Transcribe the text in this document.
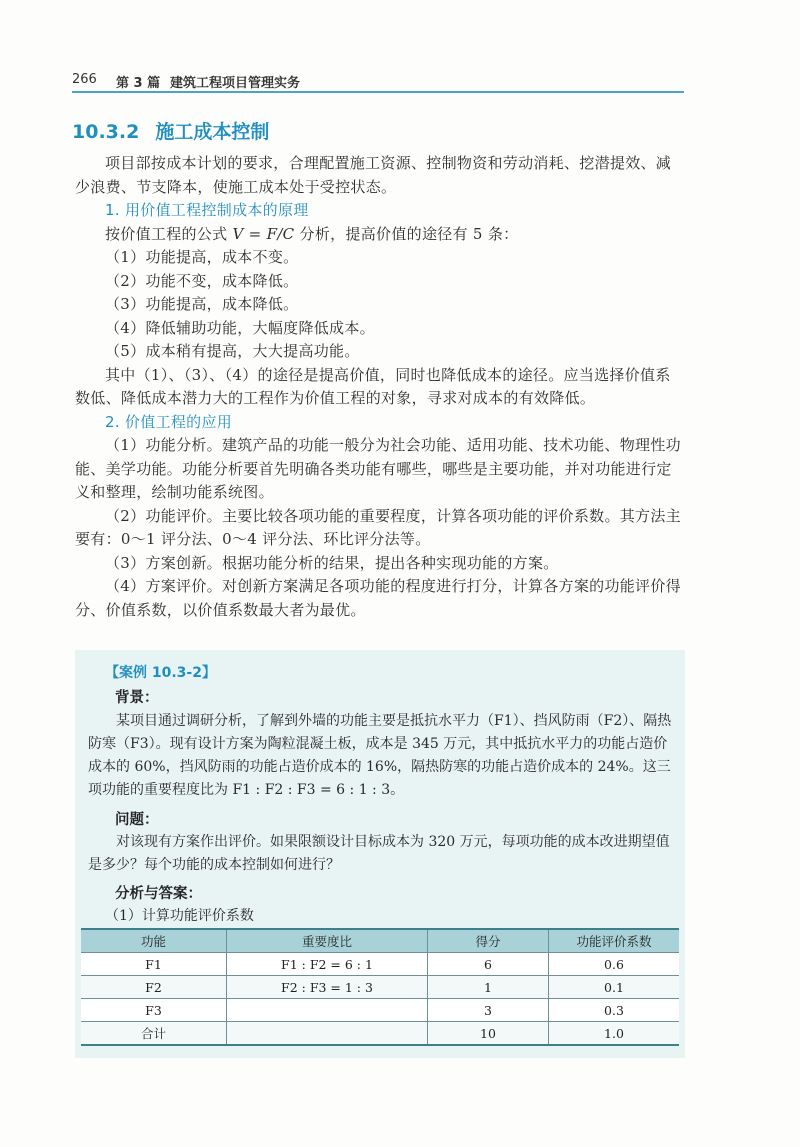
266 第 3 篇 建筑工程项目管理实务
10.3.2 施工成本控制

项目部按成本计划的要求，合理配置施工资源、控制物资和劳动消耗、挖潜提效、减少浪费、节支降本，使施工成本处于受控状态。

1. 用价值工程控制成本的原理

按价值工程的公式 V = F/C 分析，提高价值的途径有 5 条：

（1）功能提高，成本不变。

（2）功能不变，成本降低。

（3）功能提高，成本降低。

（4）降低辅助功能，大幅度降低成本。

（5）成本稍有提高，大大提高功能。

其中（1）、（3）、（4）的途径是提高价值，同时也降低成本的途径。应当选择价值系数低、降低成本潜力大的工程作为价值工程的对象，寻求对成本的有效降低。

2. 价值工程的应用

（1）功能分析。建筑产品的功能一般分为社会功能、适用功能、技术功能、物理性功能、美学功能。功能分析要首先明确各类功能有哪些，哪些是主要功能，并对功能进行定义和整理，绘制功能系统图。

（2）功能评价。主要比较各项功能的重要程度，计算各项功能的评价系数。其方法主要有：0～1 评分法、0～4 评分法、环比评分法等。

（3）方案创新。根据功能分析的结果，提出各种实现功能的方案。

（4）方案评价。对创新方案满足各项功能的程度进行打分，计算各方案的功能评价得分、价值系数，以价值系数最大者为最优。

【案例 10.3-2】
背景：

某项目通过调研分析，了解到外墙的功能主要是抵抗水平力（F1）、挡风防雨（F2）、隔热防寒（F3）。现有设计方案为陶粒混凝土板，成本是 345 万元，其中抵抗水平力的功能占造价成本的 60%，挡风防雨的功能占造价成本的 16%，隔热防寒的功能占造价成本的 24%。这三项功能的重要程度比为 F1 : F2 : F3 = 6 : 1 : 3。

问题：

对该现有方案作出评价。如果限额设计目标成本为 320 万元，每项功能的成本改进期望值是多少？每个功能的成本控制如何进行？

分析与答案：
（1）计算功能评价系数
功能	重要度比	得分	功能评价系数
F1	F1 : F2 = 6 : 1	6	0.6
F2	F2 : F3 = 1 : 3	1	0.1
F3		3	0.3
合计		10	1.0
